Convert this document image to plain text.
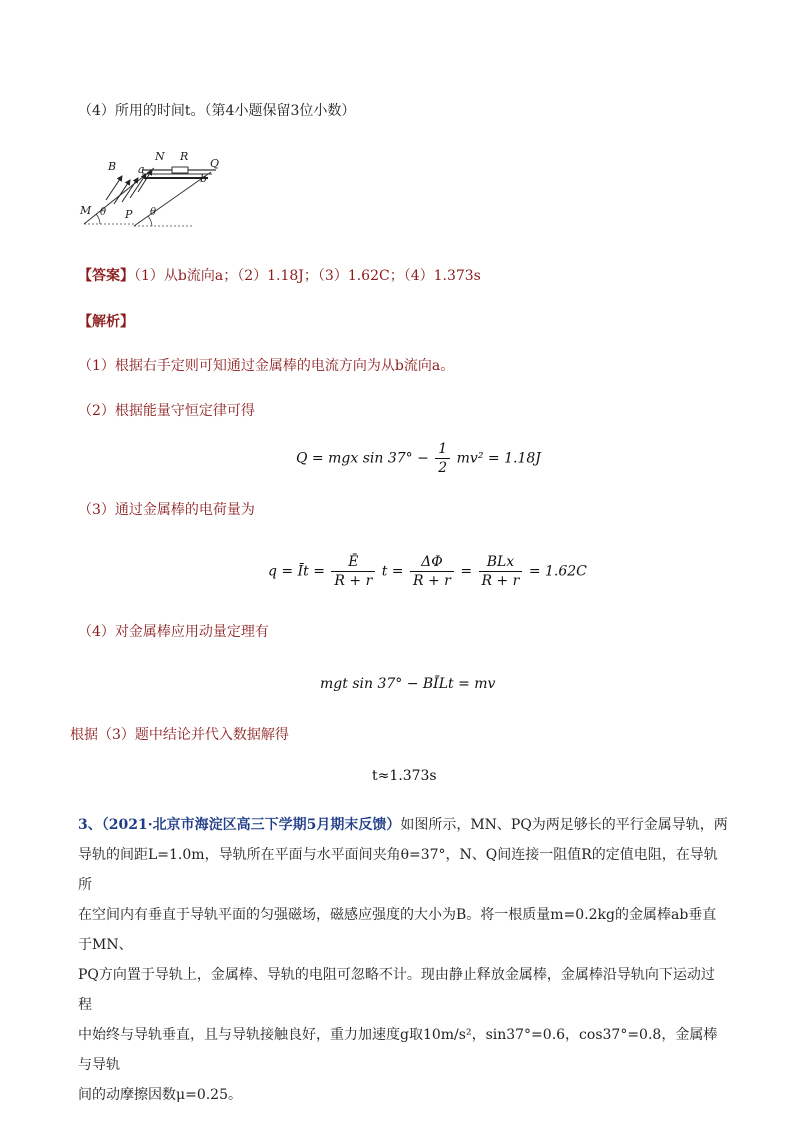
（4）所用的时间t。（第4小题保留3位小数）
B
N R
Q
a
b
M	P
θ	θ
【答案】（1）从b流向a；（2）1.18J；（3）1.62C；（4）1.373s
【解析】
（1）根据右手定则可知通过金属棒的电流方向为从b流向a。
（2）根据能量守恒定律可得
Q = mgx $\sin 37^\circ - \frac{1}{2} mv^2 = 1.18J$
（3）通过金属棒的电荷量为
q = Īt = $\frac{Ē}{R + r}$ $t = \frac{\Delta\Phi}{R + r} = \frac{\text{BLx}}{R + r} = 1.62C$
（4）对金属棒应用动量定理有
mgt sin 37° − BĪLt = mv
根据（3）题中结论并代入数据解得
t≈1.373s
3、（2021·北京市海淀区高三下学期5月期末反馈）如图所示，MN、PQ为两足够长的平行金属导轨，两
导轨的间距L=1.0m，导轨所在平面与水平面间夹角θ=37°，N、Q间连接一阻值R的定值电阻，在导轨所
在空间内有垂直于导轨平面的匀强磁场，磁感应强度的大小为B。将一根质量m=0.2kg的金属棒ab垂直于MN、
PQ方向置于导轨上，金属棒、导轨的电阻可忽略不计。现由静止释放金属棒，金属棒沿导轨向下运动过程
中始终与导轨垂直，且与导轨接触良好，重力加速度g取10m/s²，sin37°=0.6，cos37°=0.8，金属棒与导轨
间的动摩擦因数μ=0.25。
